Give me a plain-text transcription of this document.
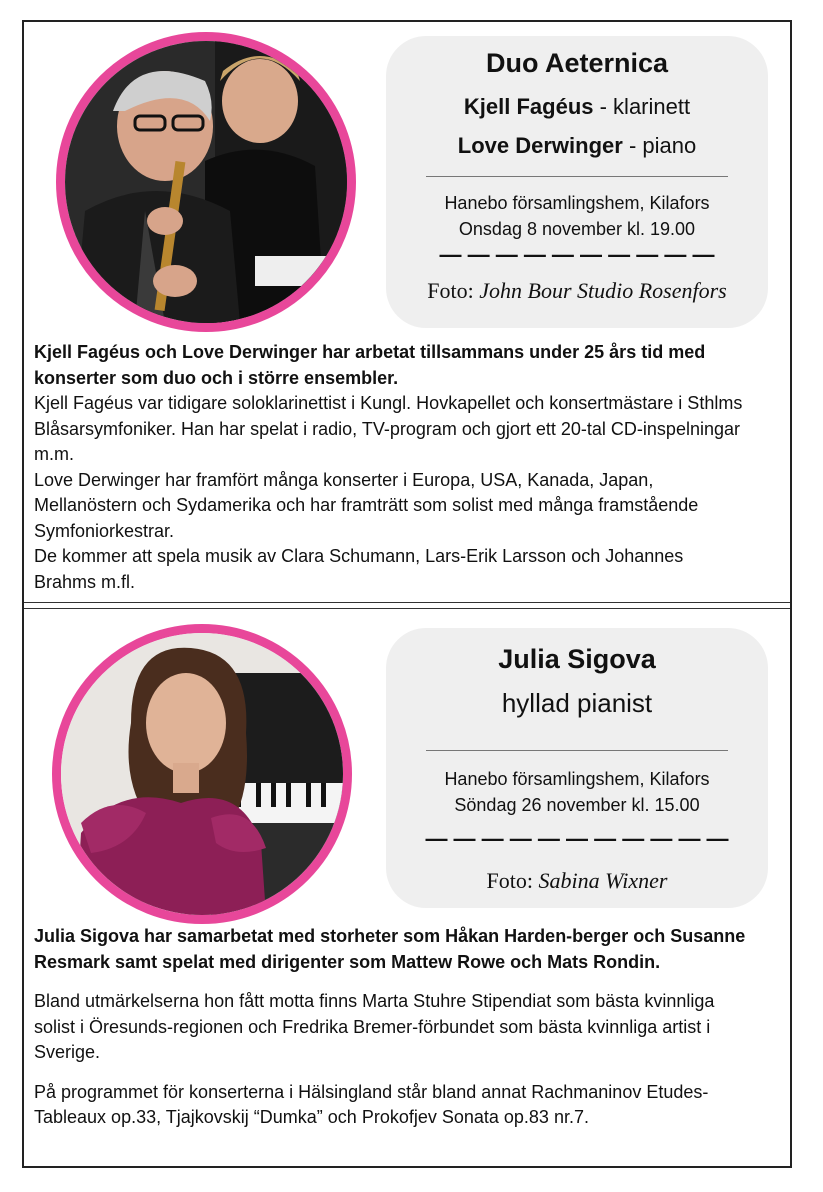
Duo Aeternica
Kjell Fagéus - klarinett
Love Derwinger - piano
Hanebo församlingshem, Kilafors
Onsdag 8 november kl. 19.00
— — — — — — — — — —
Foto: John Bour Studio Rosenfors

Kjell Fagéus och Love Derwinger har arbetat tillsammans under 25 års tid med konserter som duo och i större ensembler.

Kjell Fagéus var tidigare soloklarinettist i Kungl. Hovkapellet och konsertmästare i Sthlms Blåsarsymfoniker. Han har spelat i radio, TV-program och gjort ett 20-tal CD-inspelningar m.m.

Love Derwinger har framfört många konserter i Europa, USA, Kanada, Japan, Mellanöstern och Sydamerika och har framträtt som solist med många framstående Symfoniorkestrar.

De kommer att spela musik av Clara Schumann, Lars-Erik Larsson och Johannes Brahms m.fl.

Julia Sigova
hyllad pianist
Hanebo församlingshem, Kilafors
Söndag 26 november kl. 15.00
— — — — — — — — — — —
Foto: Sabina Wixner

Julia Sigova har samarbetat med storheter som Håkan Harden-berger och Susanne Resmark samt spelat med dirigenter som Mattew Rowe och Mats Rondin.

Bland utmärkelserna hon fått motta finns Marta Stuhre Stipendiat som bästa kvinnliga solist i Öresunds-regionen och Fredrika Bremer-förbundet som bästa kvinnliga artist i Sverige.

På programmet för konserterna i Hälsingland står bland annat Rachmaninov Etudes-Tableaux op.33, Tjajkovskij “Dumka” och Prokofjev Sonata op.83 nr.7.
